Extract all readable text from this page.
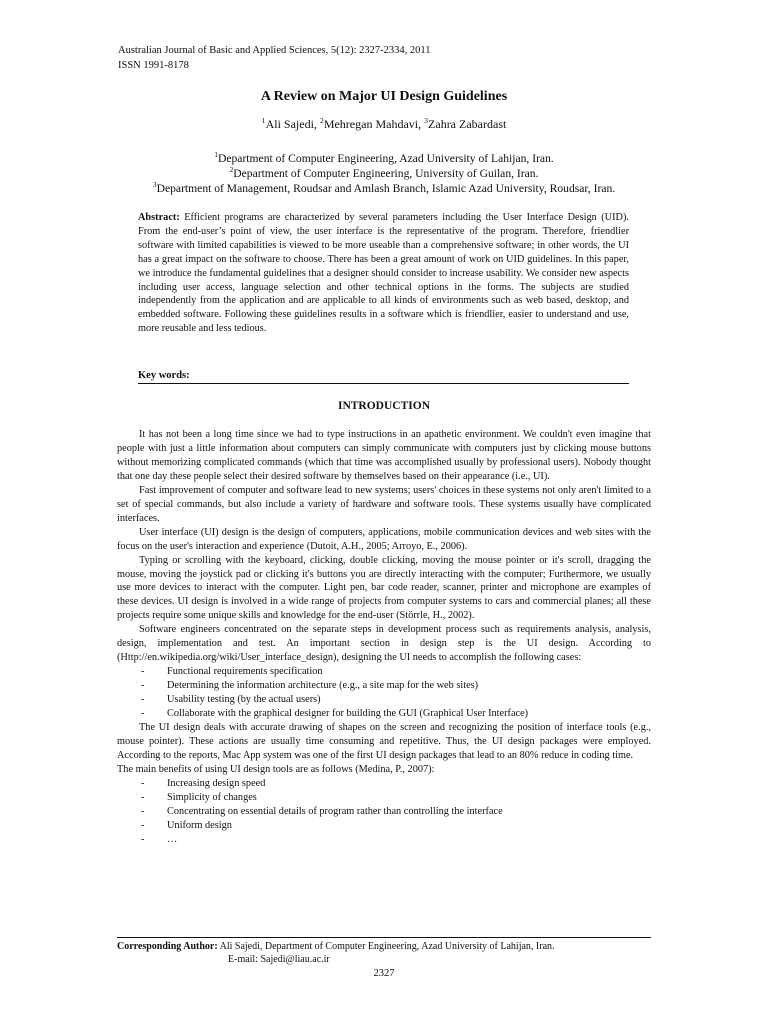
Australian Journal of Basic and Applied Sciences, 5(12): 2327-2334, 2011
ISSN 1991-8178
A Review on Major UI Design Guidelines
$^1$Ali Sajedi, $^2$Mehregan Mahdavi, $^3$Zahra Zabardast
$^1$Department of Computer Engineering, Azad University of Lahijan, Iran.
$^2$Department of Computer Engineering, University of Guilan, Iran.
$^3$Department of Management, Roudsar and Amlash Branch, Islamic Azad University, Roudsar, Iran.
Abstract: Efficient programs are characterized by several parameters including the User Interface Design (UID). From the end-user’s point of view, the user interface is the representative of the program. Therefore, friendlier software with limited capabilities is viewed to be more useable than a comprehensive software; in other words, the UI has a great impact on the software to choose. There has been a great amount of work on UID guidelines. In this paper, we introduce the fundamental guidelines that a designer should consider to increase usability. We consider new aspects including user access, language selection and other technical options in the forms. The subjects are studied independently from the application and are applicable to all kinds of environments such as web based, desktop, and embedded software. Following these guidelines results in a software which is friendlier, easier to understand and use, more reusable and less tedious.
Key words:
INTRODUCTION

It has not been a long time since we had to type instructions in an apathetic environment. We couldn't even imagine that people with just a little information about computers can simply communicate with computers just by clicking mouse buttons without memorizing complicated commands (which that time was accomplished usually by professional users). Nobody thought that one day these people select their desired software by themselves based on their appearance (i.e., UI).

Fast improvement of computer and software lead to new systems; users' choices in these systems not only aren't limited to a set of special commands, but also include a variety of hardware and software tools. These systems usually have complicated interfaces.

User interface (UI) design is the design of computers, applications, mobile communication devices and web sites with the focus on the user's interaction and experience (Dutoit, A.H., 2005; Arroyo, E., 2006).

Typing or scrolling with the keyboard, clicking, double clicking, moving the mouse pointer or it's scroll, dragging the mouse, moving the joystick pad or clicking it's buttons you are directly interacting with the computer; Furthermore, we usually use more devices to interact with the computer. Light pen, bar code reader, scanner, printer and microphone are examples of these devices. UI design is involved in a wide range of projects from computer systems to cars and commercial planes; all these projects require some unique skills and knowledge for the end-user (Störrle, H., 2002).

Software engineers concentrated on the separate steps in development process such as requirements analysis, analysis, design, implementation and test. An important section in design step is the UI design. According to (Http://en.wikipedia.org/wiki/User_interface_design), designing the UI needs to accomplish the following cases:

-	Functional requirements specification
-	Determining the information architecture (e.g., a site map for the web sites)
-	Usability testing (by the actual users)
-	Collaborate with the graphical designer for building the GUI (Graphical User Interface)

The UI design deals with accurate drawing of shapes on the screen and recognizing the position of interface tools (e.g., mouse pointer). These actions are usually time consuming and repetitive. Thus, the UI design packages were employed. According to the reports, Mac App system was one of the first UI design packages that lead to an 80% reduce in coding time.

The main benefits of using UI design tools are as follows (Medina, P., 2007):

-	Increasing design speed
-	Simplicity of changes
-	Concentrating on essential details of program rather than controlling the interface
-	Uniform design
-	…
Corresponding Author: Ali Sajedi, Department of Computer Engineering, Azad University of Lahijan, Iran.
E-mail: Sajedi@liau.ac.ir
2327
